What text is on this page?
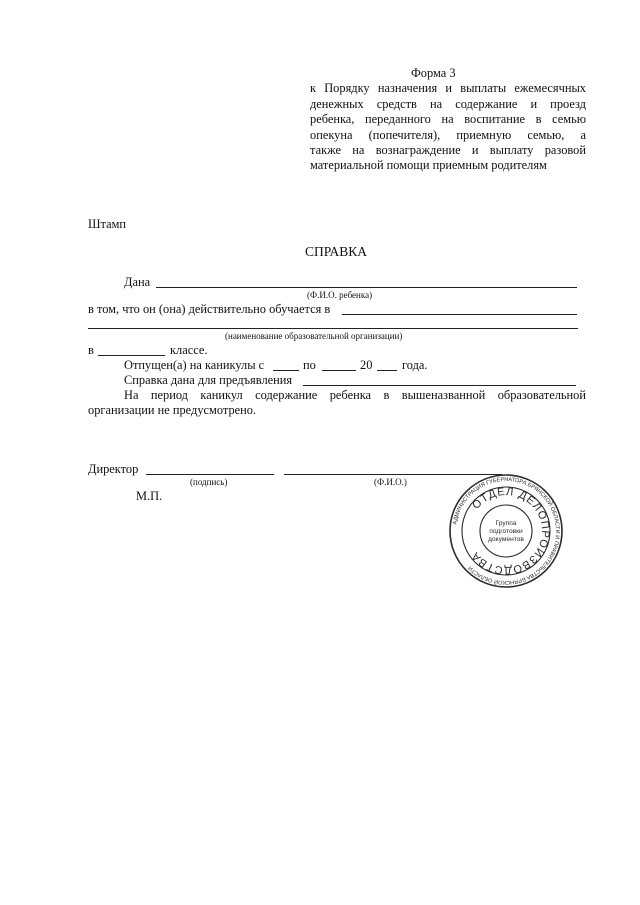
Форма 3
к Порядку назначения и выплаты ежемесячных
денежных средств на содержание и проезд
ребенка, переданного на воспитание в семью
опекуна (попечителя), приемную семью, а
также на вознаграждение и выплату разовой
материальной помощи приемным родителям
Штамп
СПРАВКА
Дана
(Ф.И.О. ребенка)
в том, что он (она) действительно обучается в
(наименование образовательной организации)
в	классе.
Отпущен(а) на каникулы с	по	20 года.
Справка дана для предъявления
На период каникул содержание ребенка в вышеназванной образовательной
организации не предусмотрено.
Директор
(подпись)	(Ф.И.О.)
М.П.
АДМИНИСТРАЦИЯ ГУБЕРНАТОРА БРЯНСКОЙ ОБЛАСТИ И ПРАВИТЕЛЬСТВА БРЯНСКОЙ ОБЛАСТИ
ОТДЕЛ ДЕЛОПРОИЗВОДСТВА
Группа
подготовки
документов
